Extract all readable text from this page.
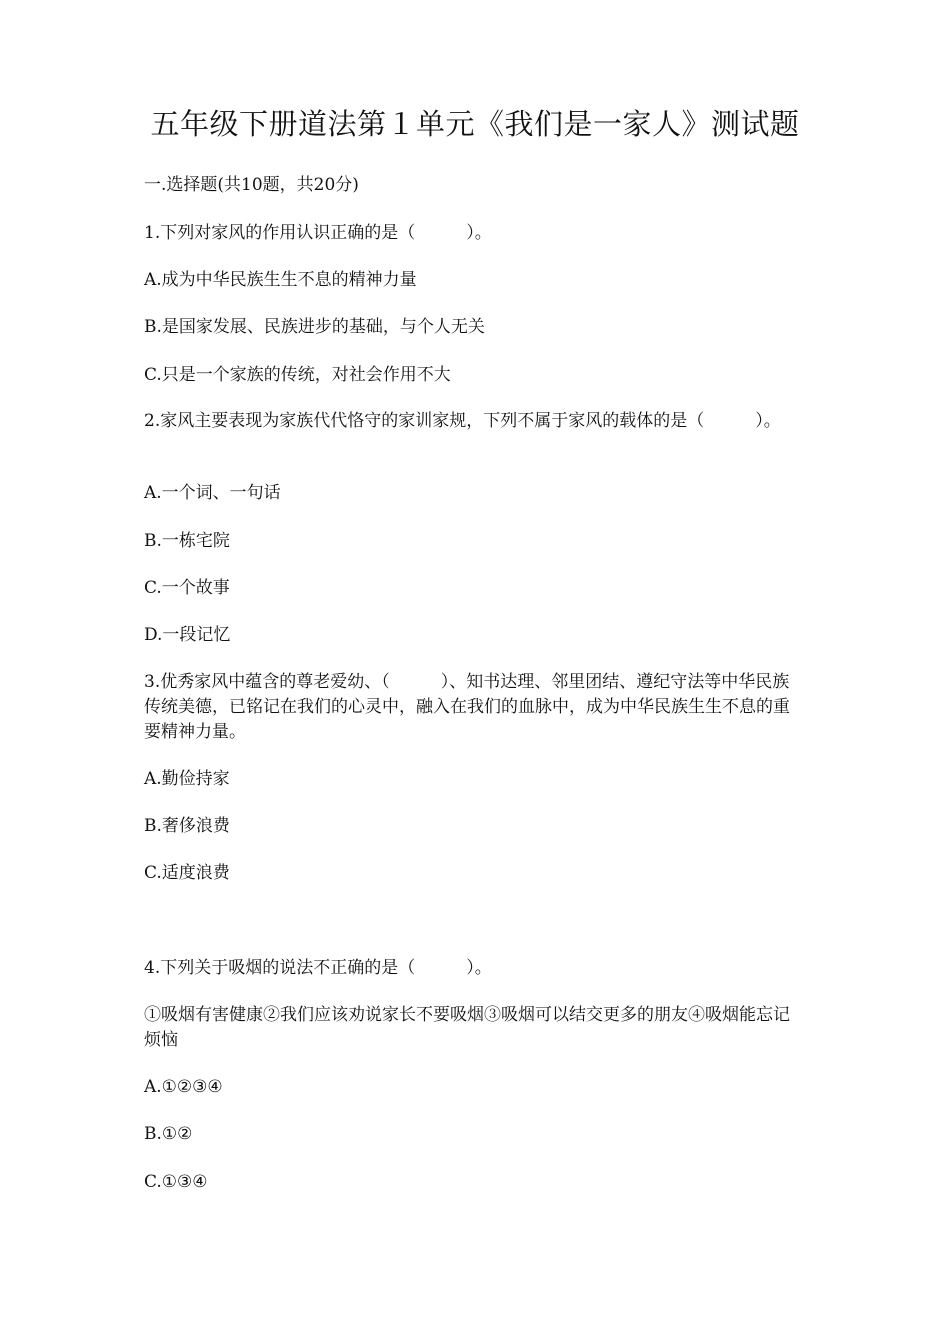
五年级下册道法第１单元《我们是一家人》测试题
一.选择题(共10题，共20分)
1.下列对家风的作用认识正确的是（　　　）。
A.成为中华民族生生不息的精神力量
B.是国家发展、民族进步的基础，与个人无关
C.只是一个家族的传统，对社会作用不大
2.家风主要表现为家族代代恪守的家训家规，下列不属于家风的载体的是（　　　）。
A.一个词、一句话
B.一栋宅院
C.一个故事
D.一段记忆
3.优秀家风中蕴含的尊老爱幼、（　　　）、知书达理、邻里团结、遵纪守法等中华民族传统美德，已铭记在我们的心灵中，融入在我们的血脉中，成为中华民族生生不息的重要精神力量。
A.勤俭持家
B.奢侈浪费
C.适度浪费
4.下列关于吸烟的说法不正确的是（　　　）。
①吸烟有害健康②我们应该劝说家长不要吸烟③吸烟可以结交更多的朋友④吸烟能忘记烦恼
A.①②③④
B.①②
C.①③④
